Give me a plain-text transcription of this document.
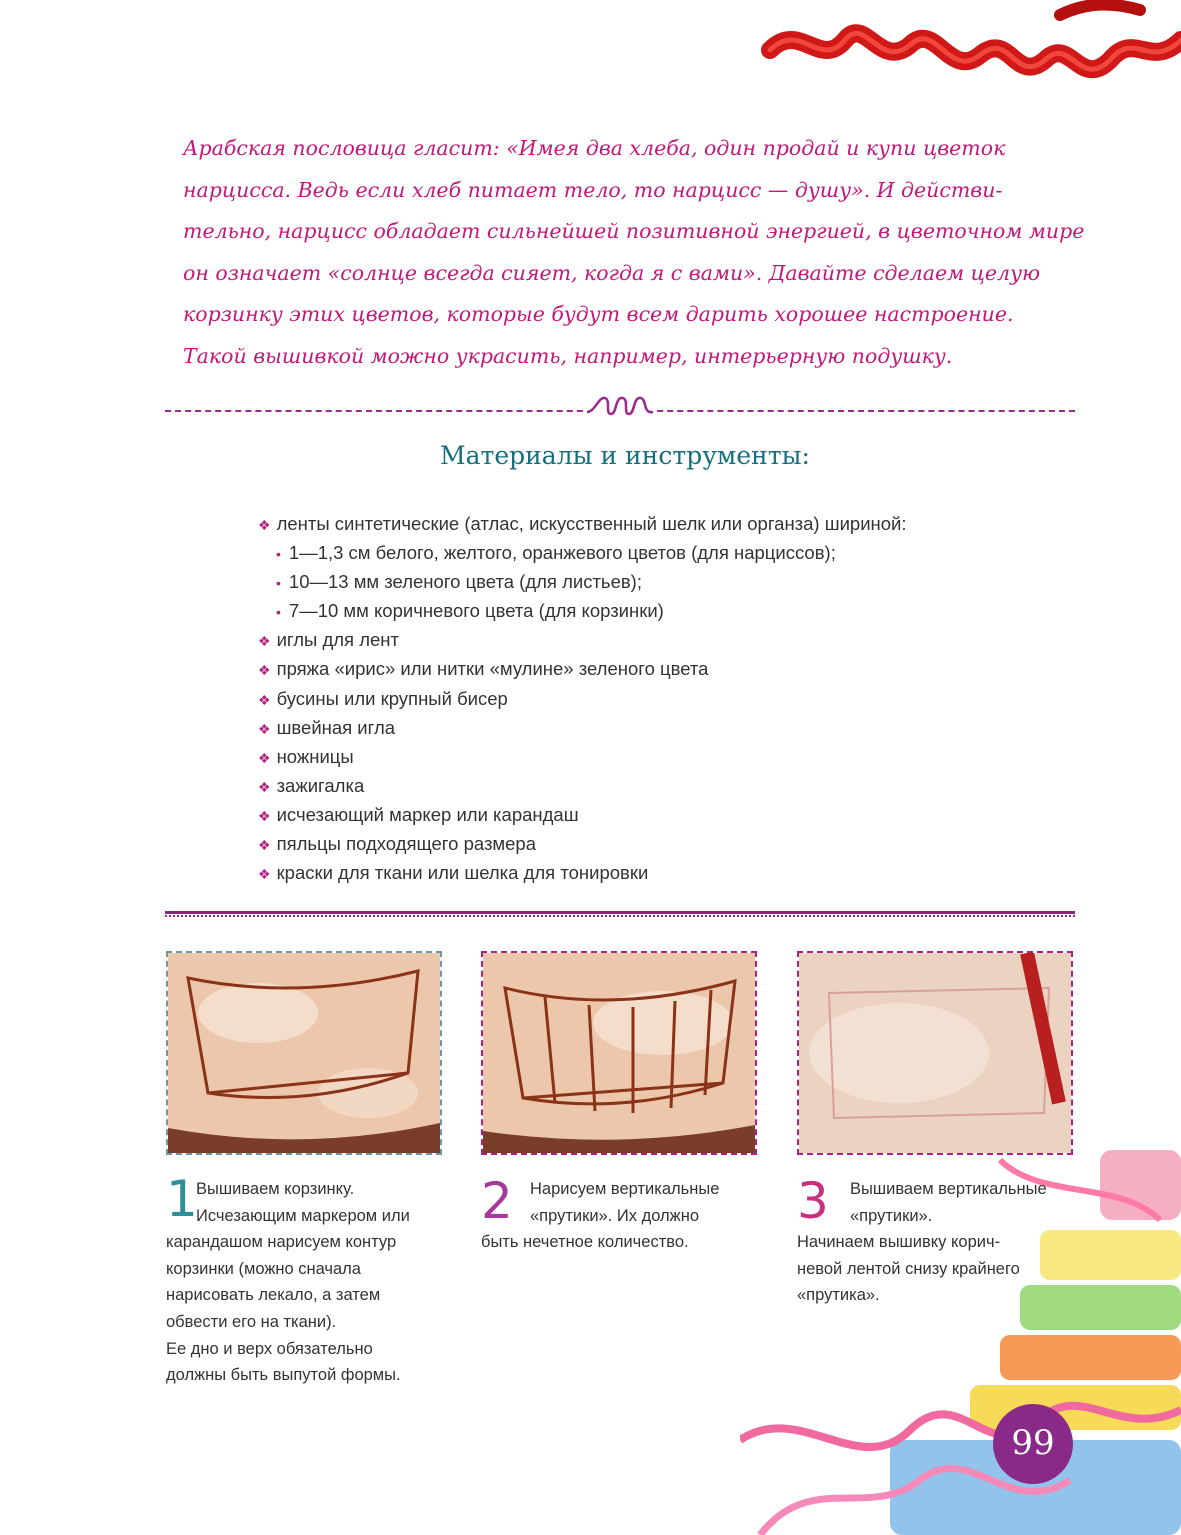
Арабская пословица гласит: «Имея два хлеба, один продай и купи цветок

нарцисса. Ведь если хлеб питает тело, то нарцисс — душу». И действи-

тельно, нарцисс обладает сильнейшей позитивной энергией, в цветочном мире

он означает «солнце всегда сияет, когда я с вами». Давайте сделаем целую

корзинку этих цветов, которые будут всем дарить хорошее настроение.

Такой вышивкой можно украсить, например, интерьерную подушку.

Материалы и инструменты:
❖ ленты синтетические (атлас, искусственный шелк или органза) шириной:
• 1—1,3 см белого, желтого, оранжевого цветов (для нарциссов);
• 10—13 мм зеленого цвета (для листьев);
• 7—10 мм коричневого цвета (для корзинки)
❖ иглы для лент
❖ пряжа «ирис» или нитки «мулине» зеленого цвета
❖ бусины или крупный бисер
❖ швейная игла
❖ ножницы
❖ зажигалка
❖ исчезающий маркер или карандаш
❖ пяльцы подходящего размера
❖ краски для ткани или шелка для тонировки
1

Вышиваем корзинку.

Исчезающим маркером или

карандашом нарисуем контур

корзинки (можно сначала

нарисовать лекало, а затем

обвести его на ткани).

Ее дно и верх обязательно

должны быть выпутой формы.

2	Нарисуем вертикальные

«прутики». Их должно

быть нечетное количество.

3	Вышиваем вертикальные

«прутики».

Начинаем вышивку корич-

невой лентой снизу крайнего

«прутика».

99
